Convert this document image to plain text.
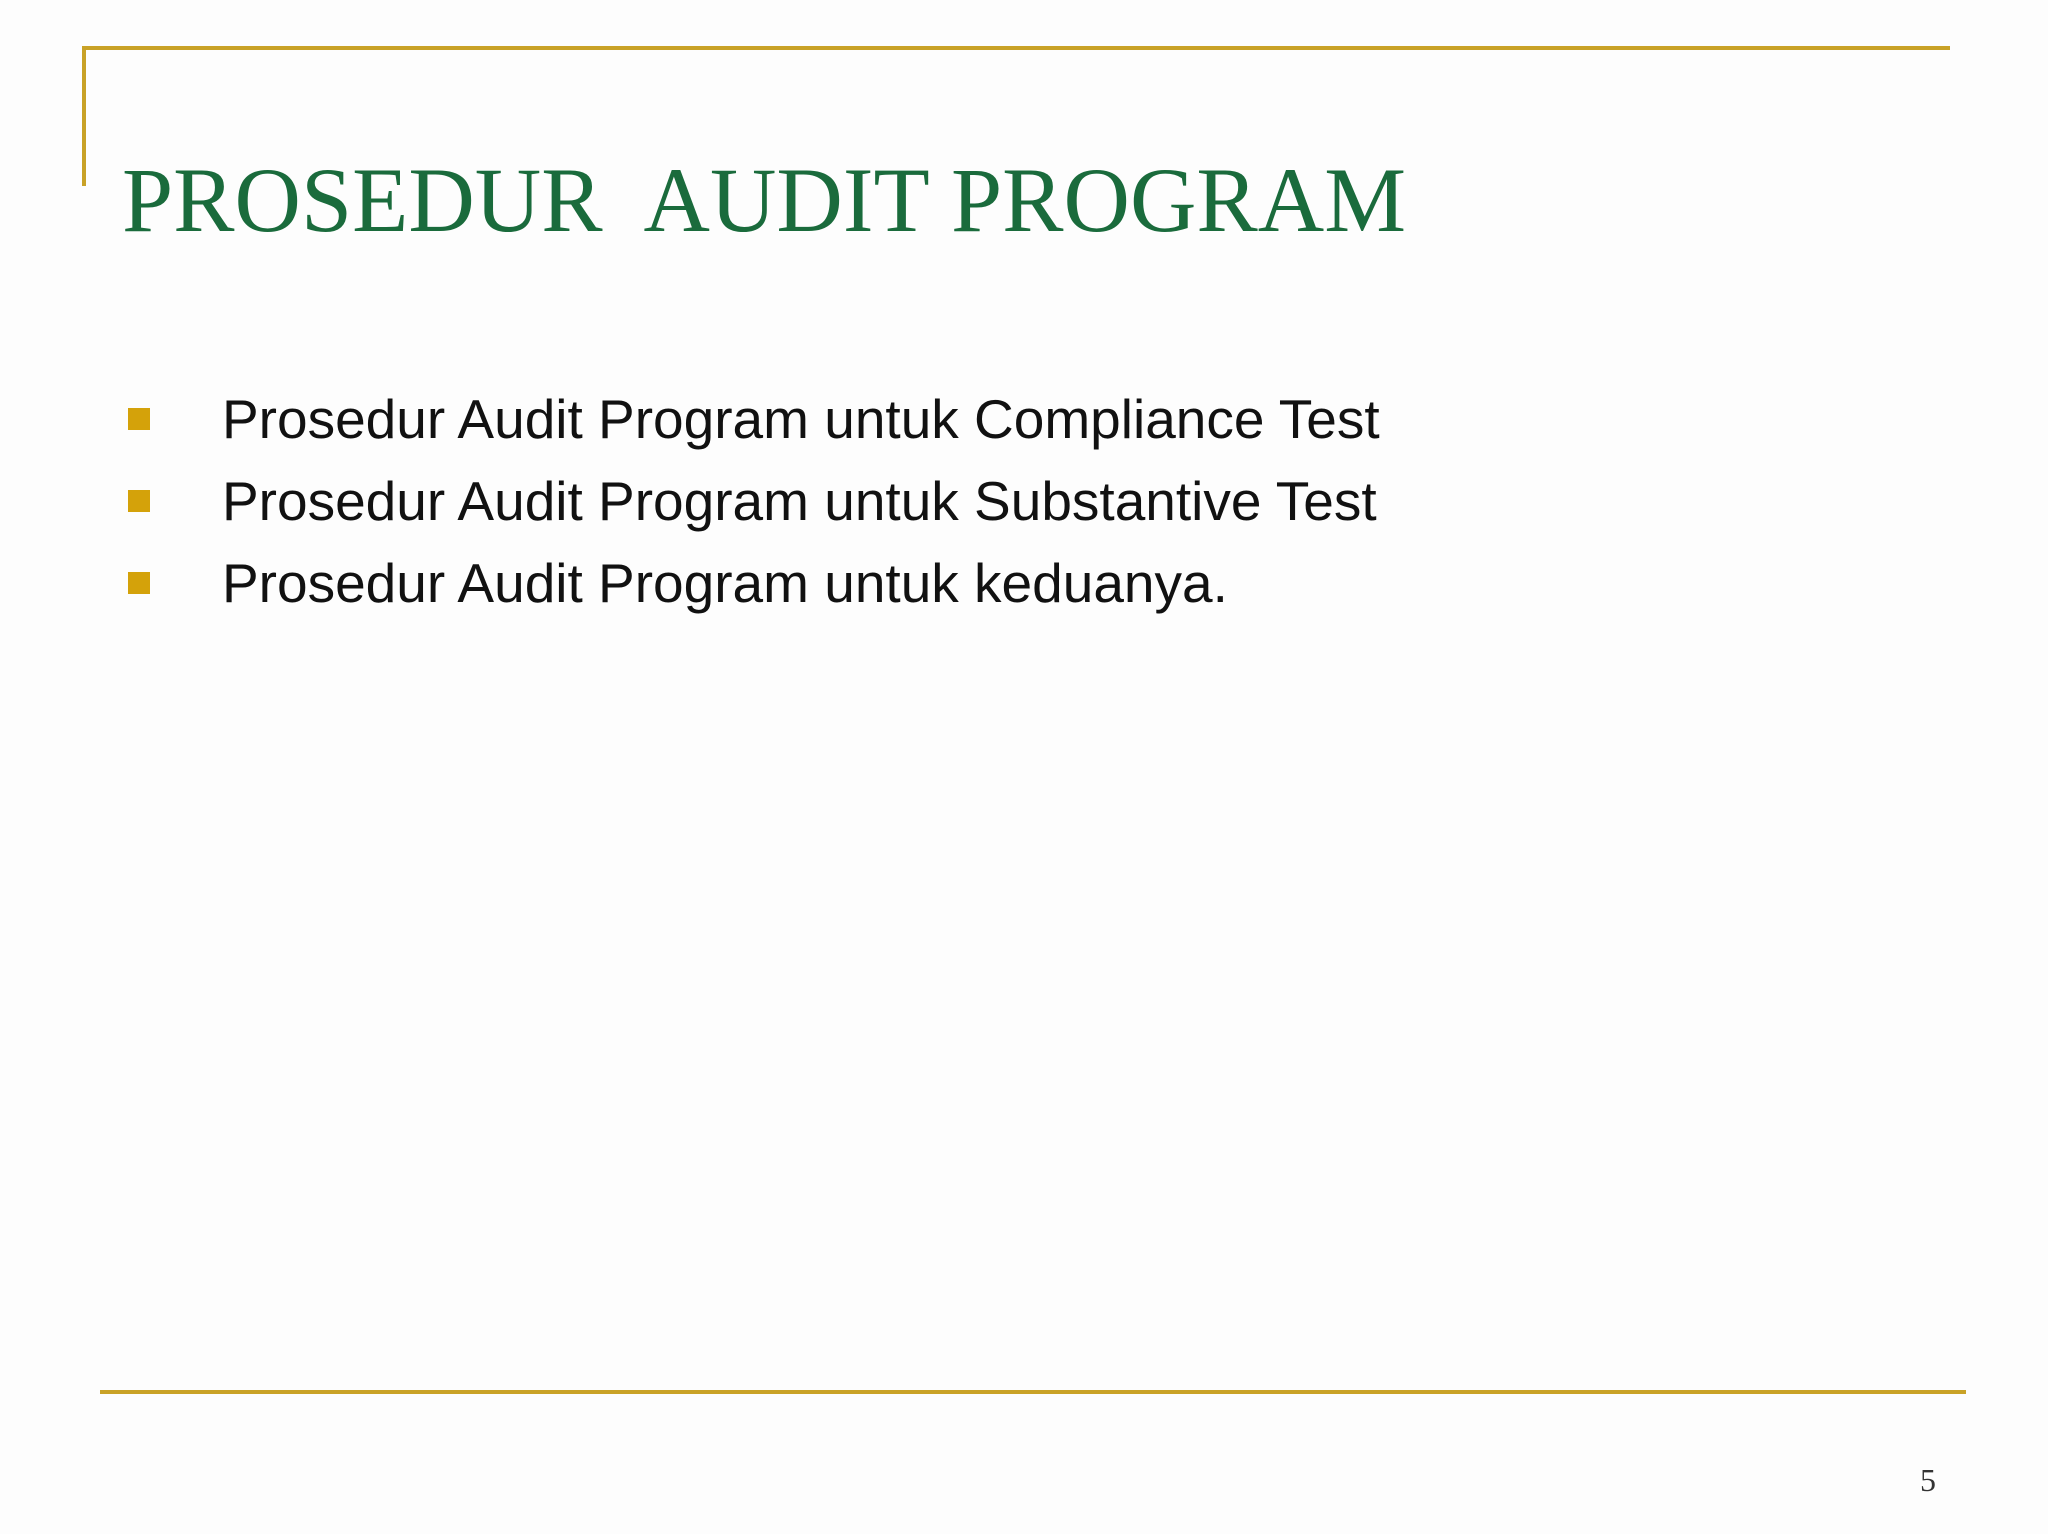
PROSEDUR  AUDIT PROGRAM
Prosedur Audit Program untuk Compliance Test
Prosedur Audit Program untuk Substantive Test
Prosedur Audit Program untuk keduanya.
5
